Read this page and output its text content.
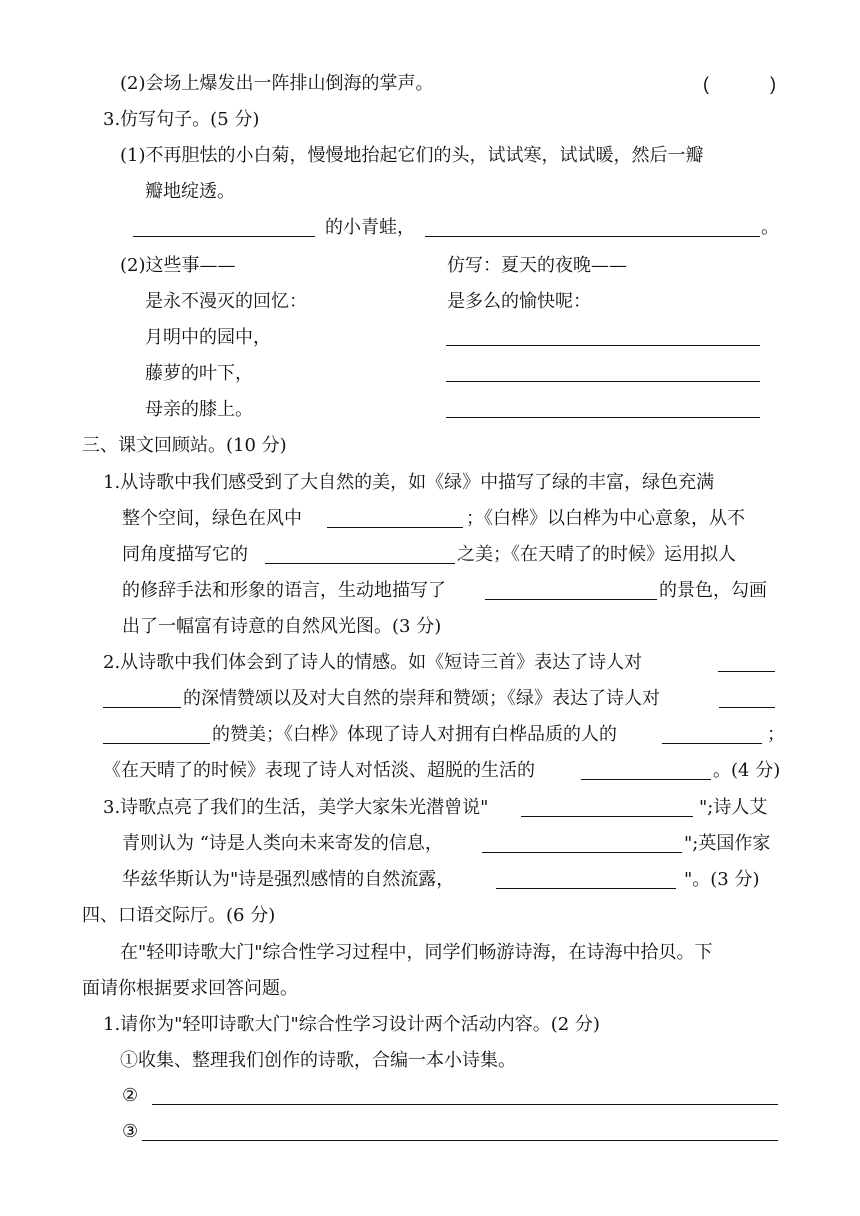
(2)会场上爆发出一阵排山倒海的掌声。	(	)
3.仿写句子。(5 分)
(1)不再胆怯的小白菊，慢慢地抬起它们的头，试试寒，试试暖，然后一瓣
瓣地绽透。
的小青蛙，	。
(2)这些事——
是永不漫灭的回忆：
月明中的园中，
藤萝的叶下，
母亲的膝上。
仿写：夏天的夜晚——
是多么的愉快呢：
三、课文回顾站。(10 分)
1.从诗歌中我们感受到了大自然的美，如《绿》中描写了绿的丰富，绿色充满
整个空间，绿色在风中	；《白桦》以白桦为中心意象，从不
同角度描写它的	之美；《在天晴了的时候》运用拟人
的修辞手法和形象的语言，生动地描写了	的景色，勾画
出了一幅富有诗意的自然风光图。(3 分)
2.从诗歌中我们体会到了诗人的情感。如《短诗三首》表达了诗人对
的深情赞颂以及对大自然的崇拜和赞颂；《绿》表达了诗人对
的赞美；《白桦》体现了诗人对拥有白桦品质的人的	；
《在天晴了的时候》表现了诗人对恬淡、超脱的生活的	。(4 分)
3.诗歌点亮了我们的生活，美学大家朱光潜曾说"	";诗人艾
青则认为 “诗是人类向未来寄发的信息，	";英国作家
华兹华斯认为"诗是强烈感情的自然流露，	"。(3 分)
四、口语交际厅。(6 分)
在"轻叩诗歌大门"综合性学习过程中，同学们畅游诗海，在诗海中拾贝。下
面请你根据要求回答问题。
1.请你为"轻叩诗歌大门"综合性学习设计两个活动内容。(2 分)
①收集、整理我们创作的诗歌，合编一本小诗集。
②
③
